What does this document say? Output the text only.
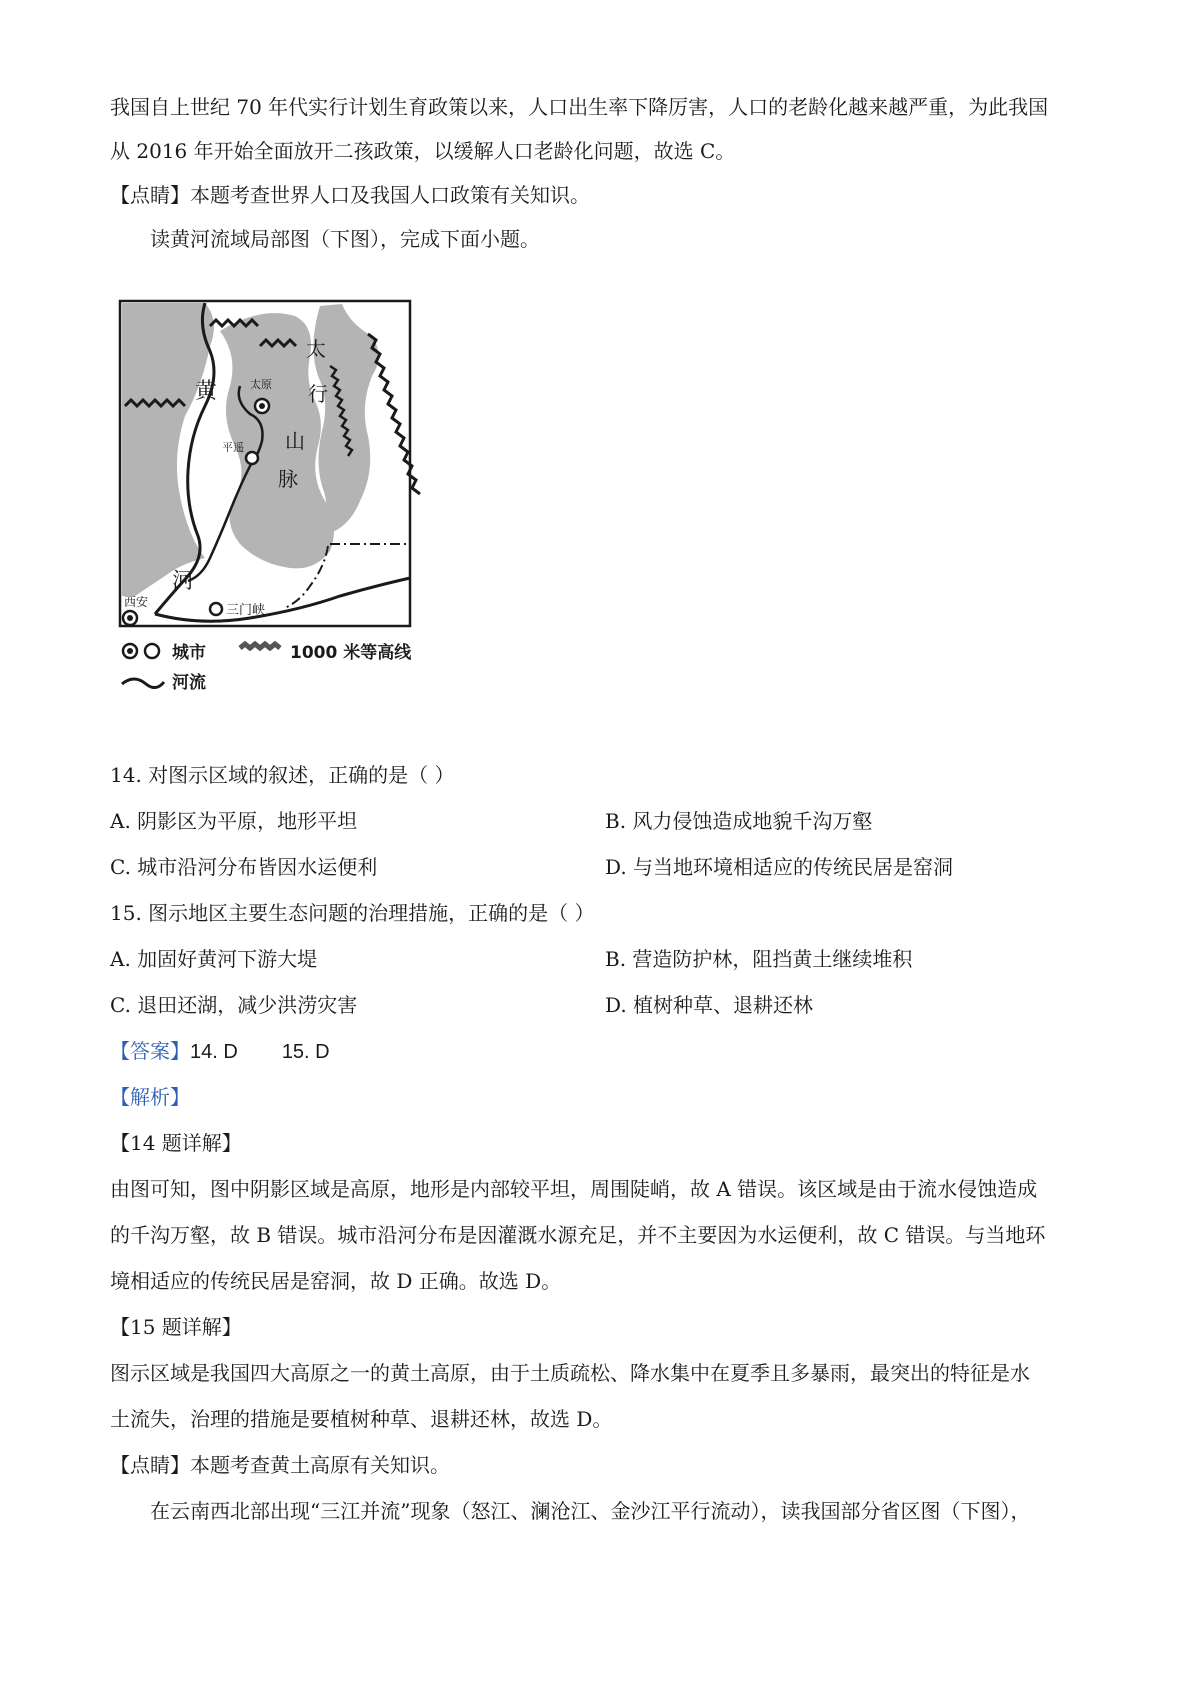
我国自上世纪 70 年代实行计划生育政策以来，人口出生率下降厉害，人口的老龄化越来越严重，为此我国
从 2016 年开始全面放开二孩政策，以缓解人口老龄化问题，故选 C。
【点睛】本题考查世界人口及我国人口政策有关知识。
读黄河流域局部图（下图），完成下面小题。
黄
河
太
行
山
脉
太原
平遥
西安
三门峡
城市	1000 米等高线
河流
14. 对图示区域的叙述，正确的是（ ）
A. 阴影区为平原，地形平坦	B. 风力侵蚀造成地貌千沟万壑
C. 城市沿河分布皆因水运便利	D. 与当地环境相适应的传统民居是窑洞
15. 图示地区主要生态问题的治理措施，正确的是（ ）
A. 加固好黄河下游大堤	B. 营造防护林，阻挡黄土继续堆积
C. 退田还湖，减少洪涝灾害	D. 植树种草、退耕还林
【答案】14. D 15. D
【解析】
【14 题详解】
由图可知，图中阴影区域是高原，地形是内部较平坦，周围陡峭，故 A 错误。该区域是由于流水侵蚀造成
的千沟万壑，故 B 错误。城市沿河分布是因灌溉水源充足，并不主要因为水运便利，故 C 错误。与当地环
境相适应的传统民居是窑洞，故 D 正确。故选 D。
【15 题详解】
图示区域是我国四大高原之一的黄土高原，由于土质疏松、降水集中在夏季且多暴雨，最突出的特征是水
土流失，治理的措施是要植树种草、退耕还林，故选 D。
【点睛】本题考查黄土高原有关知识。
在云南西北部出现“三江并流”现象（怒江、澜沧江、金沙江平行流动），读我国部分省区图（下图），
